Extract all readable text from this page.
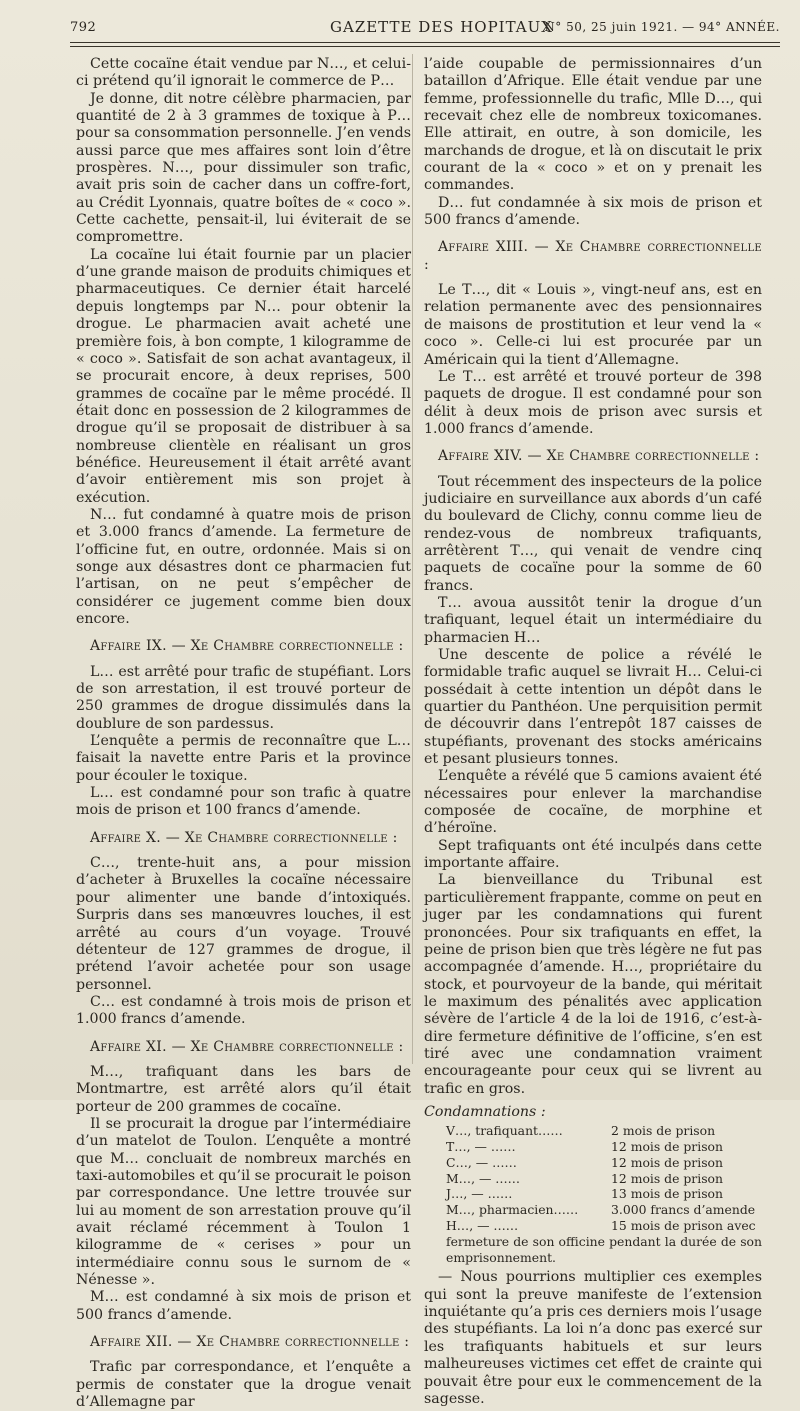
792	GAZETTE DES HOPITAUX
N° 50, 25 juin 1921. — 94° ANNÉE.

Cette cocaïne était vendue par N…, et celui-ci prétend qu’il ignorait le commerce de P…

Je donne, dit notre célèbre pharmacien, par quantité de 2 à 3 grammes de toxique à P… pour sa consommation personnelle. J’en vends aussi parce que mes affaires sont loin d’être prospères. N…, pour dissimuler son trafic, avait pris soin de cacher dans un coffre-fort, au Crédit Lyonnais, quatre boîtes de « coco ». Cette cachette, pensait-il, lui éviterait de se compromettre.

La cocaïne lui était fournie par un placier d’une grande maison de produits chimiques et pharmaceutiques. Ce dernier était harcelé depuis longtemps par N… pour obtenir la drogue. Le pharmacien avait acheté une première fois, à bon compte, 1 kilogramme de « coco ». Satisfait de son achat avantageux, il se procurait encore, à deux reprises, 500 grammes de cocaïne par le même procédé. Il était donc en possession de 2 kilogrammes de drogue qu’il se proposait de distribuer à sa nombreuse clientèle en réalisant un gros bénéfice. Heureusement il était arrêté avant d’avoir entièrement mis son projet à exécution.

N… fut condamné à quatre mois de prison et 3.000 francs d’amende. La fermeture de l’officine fut, en outre, ordonnée. Mais si on songe aux désastres dont ce pharmacien fut l’artisan, on ne peut s’empêcher de considérer ce jugement comme bien doux encore.

Affaire IX. — Xe Chambre correctionnelle :

L… est arrêté pour trafic de stupéfiant. Lors de son arrestation, il est trouvé porteur de 250 grammes de drogue dissimulés dans la doublure de son pardessus.

L’enquête a permis de reconnaître que L… faisait la navette entre Paris et la province pour écouler le toxique.

L… est condamné pour son trafic à quatre mois de prison et 100 francs d’amende.

Affaire X. — Xe Chambre correctionnelle :

C…, trente-huit ans, a pour mission d’acheter à Bruxelles la cocaïne nécessaire pour alimenter une bande d’intoxiqués. Surpris dans ses manœuvres louches, il est arrêté au cours d’un voyage. Trouvé détenteur de 127 grammes de drogue, il prétend l’avoir achetée pour son usage personnel.

C… est condamné à trois mois de prison et 1.000 francs d’amende.

Affaire XI. — Xe Chambre correctionnelle :

M…, trafiquant dans les bars de Montmartre, est arrêté alors qu’il était porteur de 200 grammes de cocaïne.

Il se procurait la drogue par l’intermédiaire d’un matelot de Toulon. L’enquête a montré que M… concluait de nombreux marchés en taxi-automobiles et qu’il se procurait le poison par correspondance. Une lettre trouvée sur lui au moment de son arrestation prouve qu’il avait réclamé récemment à Toulon 1 kilogramme de « cerises » pour un intermédiaire connu sous le surnom de « Nénesse ».

M… est condamné à six mois de prison et 500 francs d’amende.

Affaire XII. — Xe Chambre correctionnelle :

Trafic par correspondance, et l’enquête a permis de constater que la drogue venait d’Allemagne par

l’aide coupable de permissionnaires d’un bataillon d’Afrique. Elle était vendue par une femme, professionnelle du trafic, Mlle D…, qui recevait chez elle de nombreux toxicomanes. Elle attirait, en outre, à son domicile, les marchands de drogue, et là on discutait le prix courant de la « coco » et on y prenait les commandes.

D… fut condamnée à six mois de prison et 500 francs d’amende.

Affaire XIII. — Xe Chambre correctionnelle :

Le T…, dit « Louis », vingt-neuf ans, est en relation permanente avec des pensionnaires de maisons de prostitution et leur vend la « coco ». Celle-ci lui est procurée par un Américain qui la tient d’Allemagne.

Le T… est arrêté et trouvé porteur de 398 paquets de drogue. Il est condamné pour son délit à deux mois de prison avec sursis et 1.000 francs d’amende.

Affaire XIV. — Xe Chambre correctionnelle :

Tout récemment des inspecteurs de la police judiciaire en surveillance aux abords d’un café du boulevard de Clichy, connu comme lieu de rendez-vous de nombreux trafiquants, arrêtèrent T…, qui venait de vendre cinq paquets de cocaïne pour la somme de 60 francs.

T… avoua aussitôt tenir la drogue d’un trafiquant, lequel était un intermédiaire du pharmacien H…

Une descente de police a révélé le formidable trafic auquel se livrait H… Celui-ci possédait à cette intention un dépôt dans le quartier du Panthéon. Une perquisition permit de découvrir dans l’entrepôt 187 caisses de stupéfiants, provenant des stocks américains et pesant plusieurs tonnes.

L’enquête a révélé que 5 camions avaient été nécessaires pour enlever la marchandise composée de cocaïne, de morphine et d’héroïne.

Sept trafiquants ont été inculpés dans cette importante affaire.

La bienveillance du Tribunal est particulièrement frappante, comme on peut en juger par les condamnations qui furent prononcées. Pour six trafiquants en effet, la peine de prison bien que très légère ne fut pas accompagnée d’amende. H…, propriétaire du stock, et pourvoyeur de la bande, qui méritait le maximum des pénalités avec application sévère de l’article 4 de la loi de 1916, c’est-à-dire fermeture définitive de l’officine, s’en est tiré avec une condamnation vraiment encourageante pour ceux qui se livrent au trafic en gros.

Condamnations :
V…, trafiquant……	2 mois de prison
T…, — ……	12 mois de prison
C…, — ……	12 mois de prison
M…, — ……	12 mois de prison
J…, — ……	13 mois de prison
M…, pharmacien……	3.000 francs d’amende
H…, — ……	15 mois de prison avec
fermeture de son officine pendant la durée de son emprisonnement.

— Nous pourrions multiplier ces exemples qui sont la preuve manifeste de l’extension inquiétante qu’a pris ces derniers mois l’usage des stupéfiants. La loi n’a donc pas exercé sur les trafiquants habituels et sur leurs malheureuses victimes cet effet de crainte qui pouvait être pour eux le commencement de la sagesse.
